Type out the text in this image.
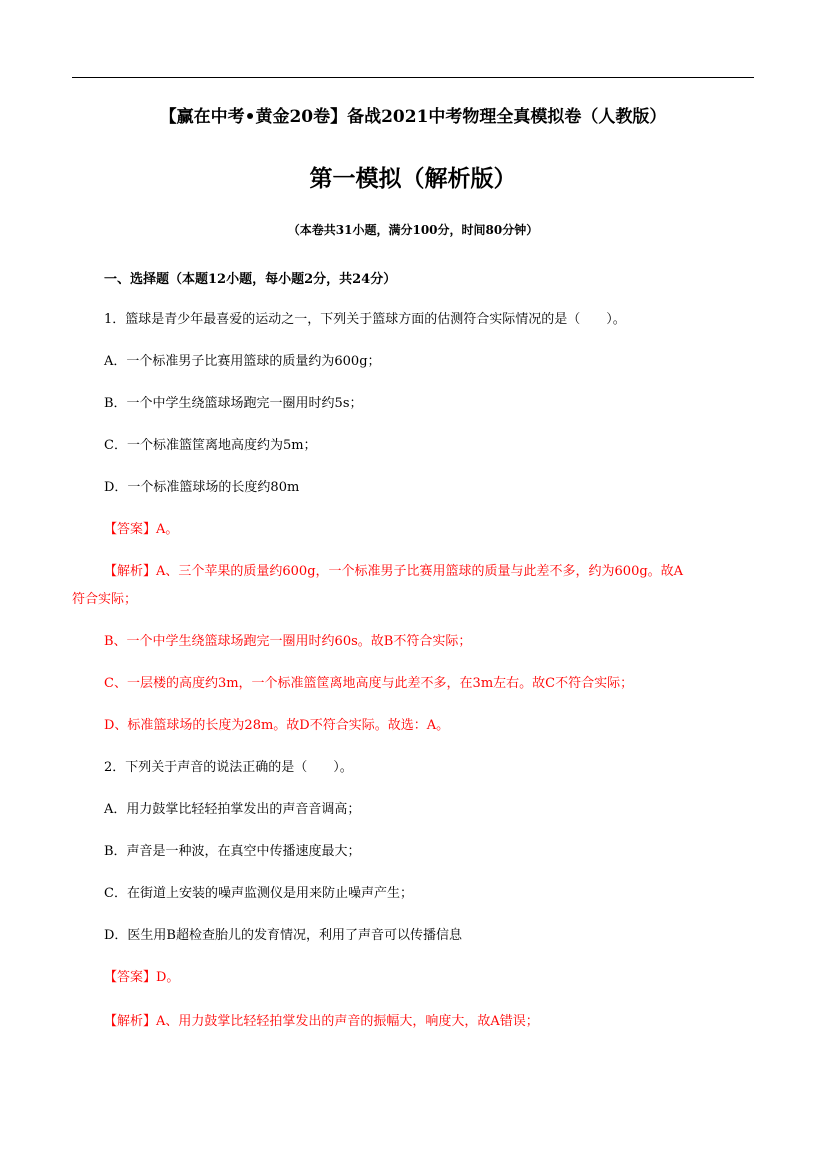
【赢在中考•黄金20卷】备战2021中考物理全真模拟卷（人教版）
第一模拟（解析版）
（本卷共31小题，满分100分，时间80分钟）
一、选择题（本题12小题，每小题2分，共24分）
1．篮球是青少年最喜爱的运动之一，下列关于篮球方面的估测符合实际情况的是（　　）。
A．一个标准男子比赛用篮球的质量约为600g；
B．一个中学生绕篮球场跑完一圈用时约5s；
C．一个标准篮筐离地高度约为5m；
D．一个标准篮球场的长度约80m
【答案】A。
【解析】A、三个苹果的质量约600g，一个标准男子比赛用篮球的质量与此差不多，约为600g。故A
符合实际；
B、一个中学生绕篮球场跑完一圈用时约60s。故B不符合实际；
C、一层楼的高度约3m，一个标准篮筐离地高度与此差不多，在3m左右。故C不符合实际；
D、标准篮球场的长度为28m。故D不符合实际。故选：A。
2．下列关于声音的说法正确的是（　　）。
A．用力鼓掌比轻轻拍掌发出的声音音调高；
B．声音是一种波，在真空中传播速度最大；
C．在街道上安装的噪声监测仪是用来防止噪声产生；
D．医生用B超检查胎儿的发育情况，利用了声音可以传播信息
【答案】D。
【解析】A、用力鼓掌比轻轻拍掌发出的声音的振幅大，响度大，故A错误；
